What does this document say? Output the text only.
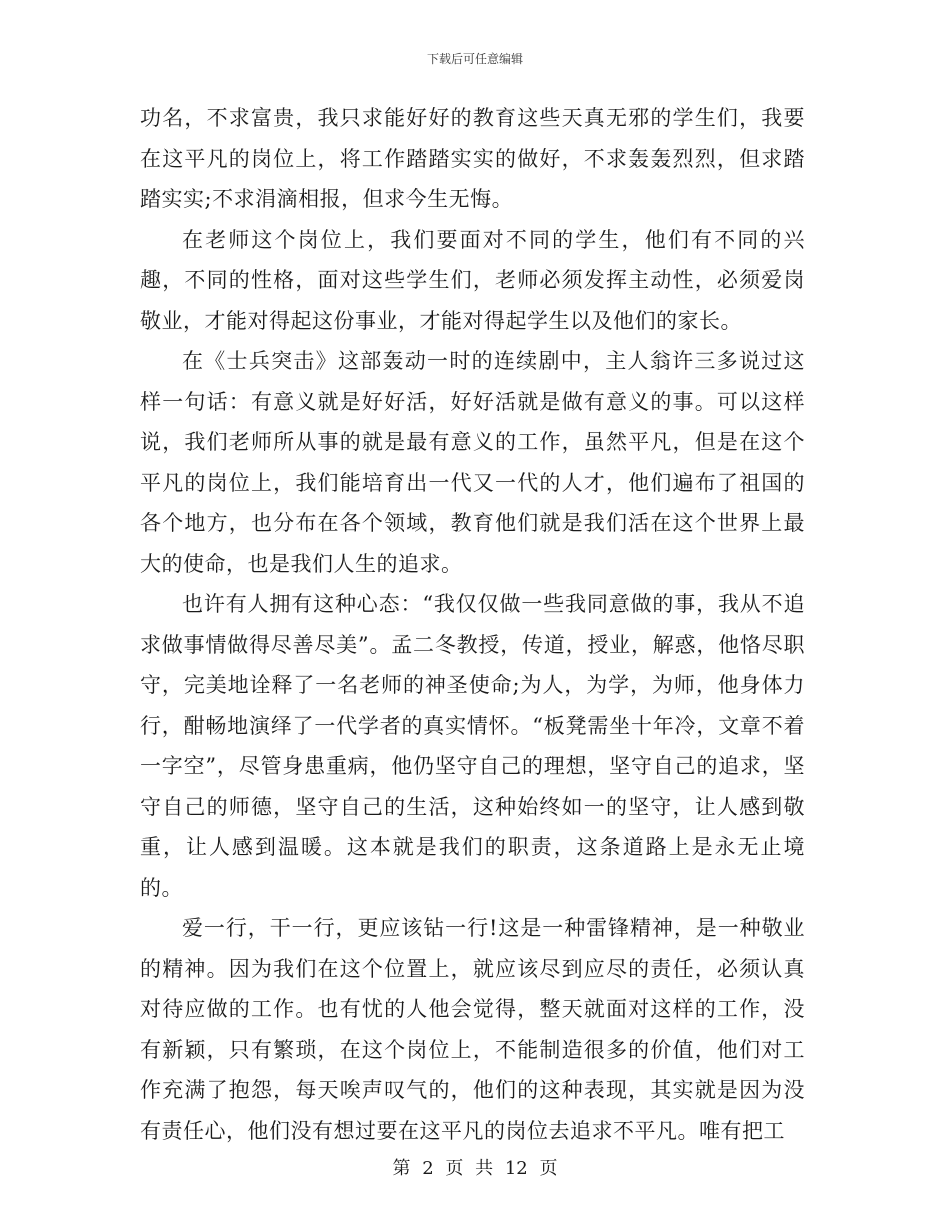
下载后可任意编辑

功名，不求富贵，我只求能好好的教育这些天真无邪的学生们，我要在这平凡的岗位上，将工作踏踏实实的做好，不求轰轰烈烈，但求踏踏实实;不求涓滴相报，但求今生无悔。

在老师这个岗位上，我们要面对不同的学生，他们有不同的兴趣，不同的性格，面对这些学生们，老师必须发挥主动性，必须爱岗敬业，才能对得起这份事业，才能对得起学生以及他们的家长。

在《士兵突击》这部轰动一时的连续剧中，主人翁许三多说过这样一句话：有意义就是好好活，好好活就是做有意义的事。可以这样说，我们老师所从事的就是最有意义的工作，虽然平凡，但是在这个平凡的岗位上，我们能培育出一代又一代的人才，他们遍布了祖国的各个地方，也分布在各个领域，教育他们就是我们活在这个世界上最大的使命，也是我们人生的追求。

也许有人拥有这种心态：“我仅仅做一些我同意做的事，我从不追求做事情做得尽善尽美”。孟二冬教授，传道，授业，解惑，他恪尽职守，完美地诠释了一名老师的神圣使命;为人，为学，为师，他身体力行，酣畅地演绎了一代学者的真实情怀。“板凳需坐十年冷，文章不着一字空”，尽管身患重病，他仍坚守自己的理想，坚守自己的追求，坚守自己的师德，坚守自己的生活，这种始终如一的坚守，让人感到敬重，让人感到温暖。这本就是我们的职责，这条道路上是永无止境的。

爱一行，干一行，更应该钻一行!这是一种雷锋精神，是一种敬业的精神。因为我们在这个位置上，就应该尽到应尽的责任，必须认真对待应做的工作。也有忧的人他会觉得，整天就面对这样的工作，没有新颖，只有繁琐，在这个岗位上，不能制造很多的价值，他们对工作充满了抱怨，每天唉声叹气的，他们的这种表现，其实就是因为没有责任心，他们没有想过要在这平凡的岗位去追求不平凡。唯有把工

第 2 页 共 12 页
